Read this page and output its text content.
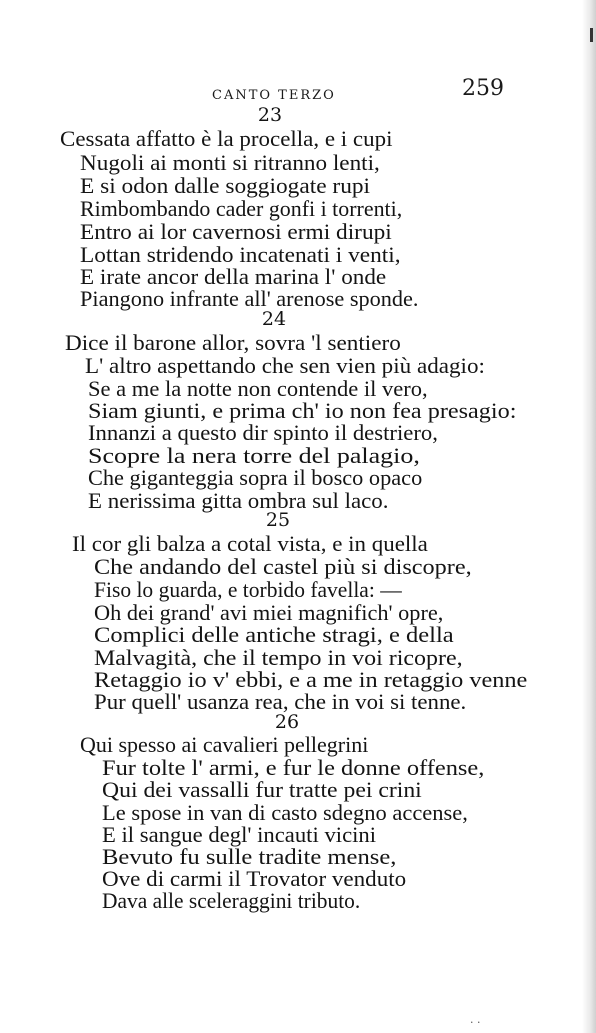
CANTO TERZO	259
23
Cessata affatto è la procella, e i cupi
Nugoli ai monti si ritranno lenti,
E si odon dalle soggiogate rupi
Rimbombando cader gonfi i torrenti,
Entro ai lor cavernosi ermi dirupi
Lottan stridendo incatenati i venti,
E irate ancor della marina l' onde
Piangono infrante all' arenose sponde.
24
Dice il barone allor, sovra 'l sentiero
L' altro aspettando che sen vien più adagio:
Se a me la notte non contende il vero,
Siam giunti, e prima ch' io non fea presagio:
Innanzi a questo dir spinto il destriero,
Scopre la nera torre del palagio,
Che giganteggia sopra il bosco opaco
E nerissima gitta ombra sul laco.
25
Il cor gli balza a cotal vista, e in quella
Che andando del castel più si discopre,
Fiso lo guarda, e torbido favella: —
Oh dei grand' avi miei magnifich' opre,
Complici delle antiche stragi, e della
Malvagità, che il tempo in voi ricopre,
Retaggio io v' ebbi, e a me in retaggio venne
Pur quell' usanza rea, che in voi si tenne.
26
Qui spesso ai cavalieri pellegrini
Fur tolte l' armi, e fur le donne offense,
Qui dei vassalli fur tratte pei crini
Le spose in van di casto sdegno accense,
E il sangue degl' incauti vicini
Bevuto fu sulle tradite mense,
Ove di carmi il Trovator venduto
Dava alle sceleraggini tributo.
· ·
